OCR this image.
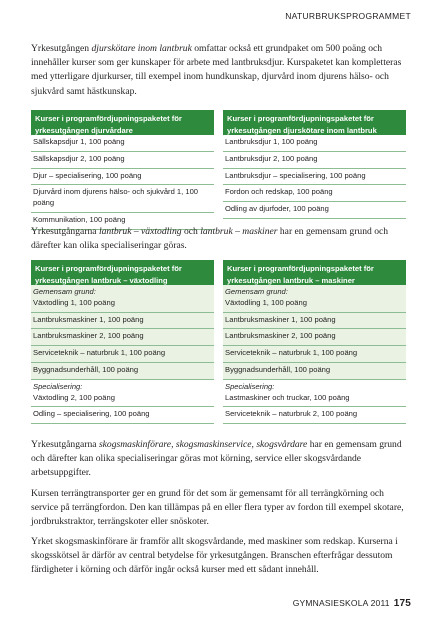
NATURBRUKSPROGRAMMET

Yrkesutgången djurskötare inom lantbruk omfattar också ett grundpaket om 500 poäng och innehåller kurser som ger kunskaper för arbete med lantbruksdjur. Kurspaketet kan kompletteras med ytterligare djurkurser, till exempel inom hundkunskap, djurvård inom djurens hälso- och sjukvård samt hästkunskap.

Kurser i programfördjupningspaketet för
yrkesutgången djurvårdare
Sällskapsdjur 1, 100 poäng
Sällskapsdjur 2, 100 poäng
Djur – specialisering, 100 poäng
Djurvård inom djurens hälso- och sjukvård 1, 100 poäng
Kommunikation, 100 poäng
Kurser i programfördjupningspaketet för
yrkesutgången djurskötare inom lantbruk
Lantbruksdjur 1, 100 poäng
Lantbruksdjur 2, 100 poäng
Lantbruksdjur – specialisering, 100 poäng
Fordon och redskap, 100 poäng
Odling av djurfoder, 100 poäng

Yrkesutgångarna lantbruk – växtodling och lantbruk – maskiner har en gemensam grund och därefter kan olika specialiseringar göras.

Kurser i programfördjupningspaketet för
yrkesutgången lantbruk – växtodling
Gemensam grund:
Växtodling 1, 100 poäng
Lantbruksmaskiner 1, 100 poäng
Lantbruksmaskiner 2, 100 poäng
Serviceteknik – naturbruk 1, 100 poäng
Byggnadsunderhåll, 100 poäng
Specialisering:
Växtodling 2, 100 poäng
Odling – specialisering, 100 poäng
Kurser i programfördjupningspaketet för
yrkesutgången lantbruk – maskiner
Gemensam grund:
Växtodling 1, 100 poäng
Lantbruksmaskiner 1, 100 poäng
Lantbruksmaskiner 2, 100 poäng
Serviceteknik – naturbruk 1, 100 poäng
Byggnadsunderhåll, 100 poäng
Specialisering:
Lastmaskiner och truckar, 100 poäng
Serviceteknik – naturbruk 2, 100 poäng

Yrkesutgångarna skogsmaskinförare, skogsmaskinservice, skogsvårdare har en gemensam grund och därefter kan olika specialiseringar göras mot körning, service eller skogsvårdande arbetsuppgifter.

Kursen terrängtransporter ger en grund för det som är gemensamt för all terrängkörning och service på terrängfordon. Den kan tillämpas på en eller flera typer av fordon till exempel skotare, jordbrukstraktor, terrängskoter eller snöskoter.

Yrket skogsmaskinförare är framför allt skogsvårdande, med maskiner som redskap. Kurserna i skogsskötsel är därför av central betydelse för yrkesutgången. Branschen efterfrågar dessutom färdigheter i körning och därför ingår också kurser med ett sådant innehåll.

GYMNASIESKOLA 2011 175
